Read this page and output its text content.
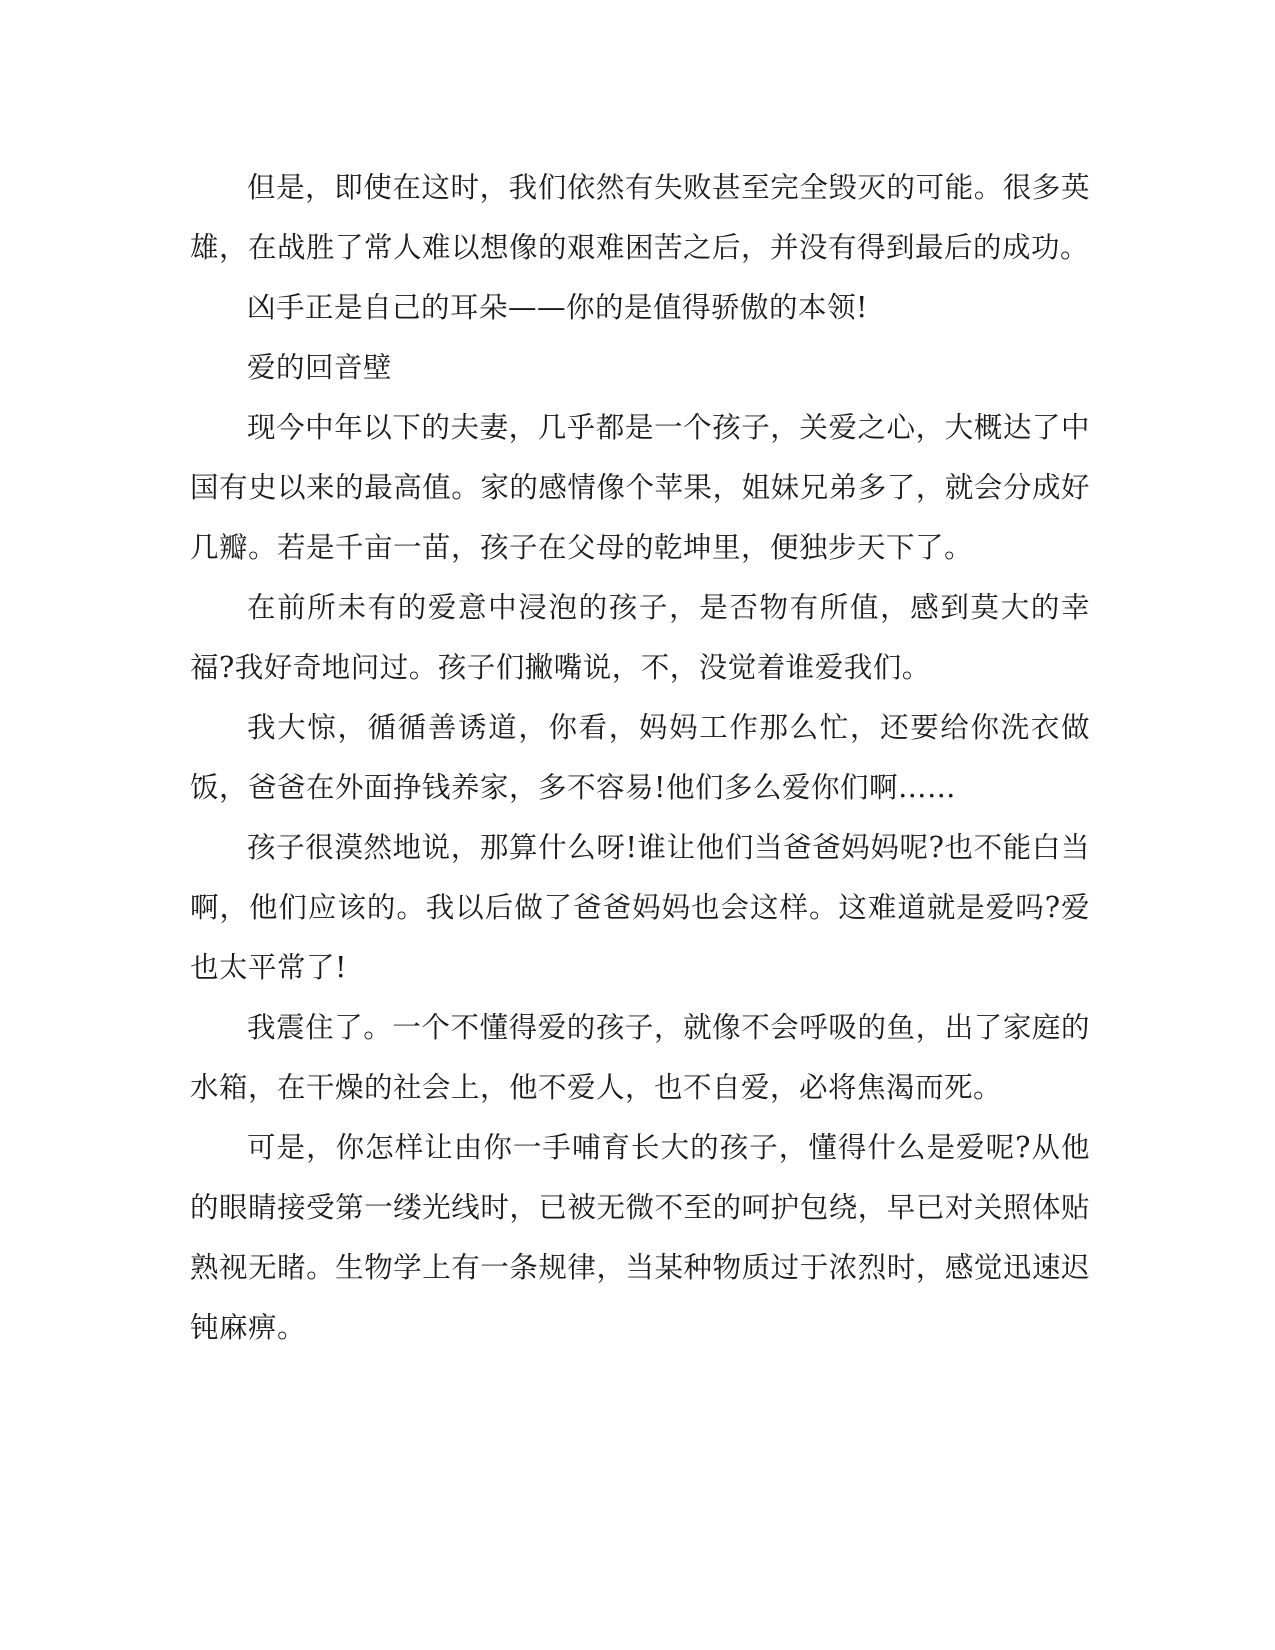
但是，即使在这时，我们依然有失败甚至完全毁灭的可能。很多英雄，在战胜了常人难以想像的艰难困苦之后，并没有得到最后的成功。

凶手正是自己的耳朵——你的是值得骄傲的本领!

爱的回音壁

现今中年以下的夫妻，几乎都是一个孩子，关爱之心，大概达了中国有史以来的最高值。家的感情像个苹果，姐妹兄弟多了，就会分成好几瓣。若是千亩一苗，孩子在父母的乾坤里，便独步天下了。

在前所未有的爱意中浸泡的孩子，是否物有所值，感到莫大的幸福?我好奇地问过。孩子们撇嘴说，不，没觉着谁爱我们。

我大惊，循循善诱道，你看，妈妈工作那么忙，还要给你洗衣做饭，爸爸在外面挣钱养家，多不容易!他们多么爱你们啊……

孩子很漠然地说，那算什么呀!谁让他们当爸爸妈妈呢?也不能白当啊，他们应该的。我以后做了爸爸妈妈也会这样。这难道就是爱吗?爱也太平常了!

我震住了。一个不懂得爱的孩子，就像不会呼吸的鱼，出了家庭的水箱，在干燥的社会上，他不爱人，也不自爱，必将焦渴而死。

可是，你怎样让由你一手哺育长大的孩子，懂得什么是爱呢?从他的眼睛接受第一缕光线时，已被无微不至的呵护包绕，早已对关照体贴熟视无睹。生物学上有一条规律，当某种物质过于浓烈时，感觉迅速迟钝麻痹。
